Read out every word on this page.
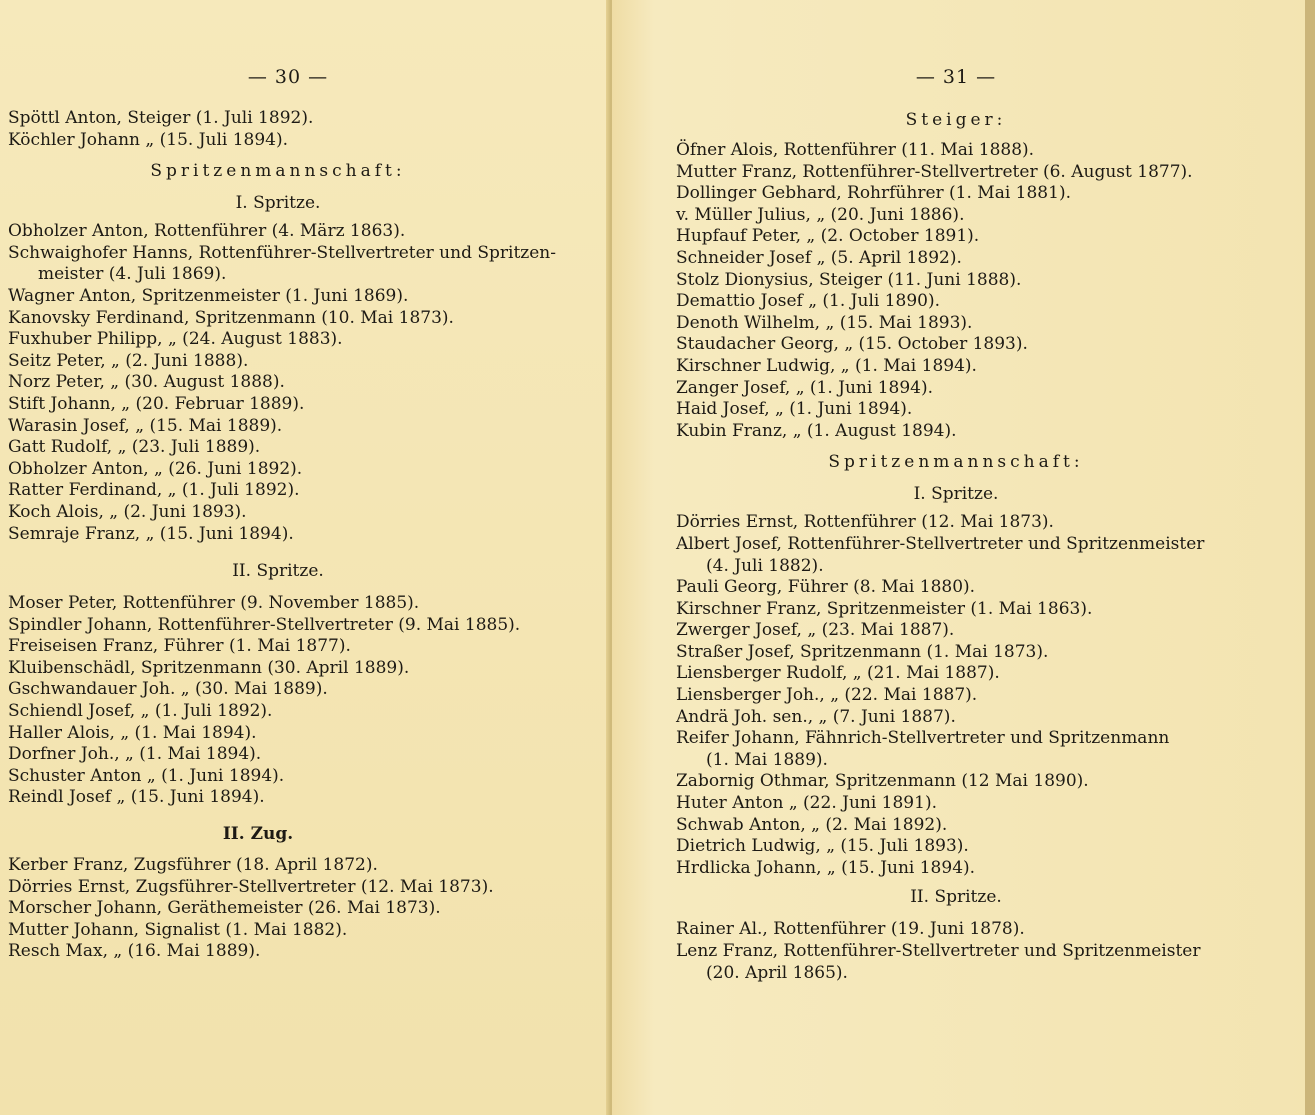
— 30 —
Spöttl Anton, Steiger (1. Juli 1892).
Köchler Johann „ (15. Juli 1894).
Spritzenmannschaft:
I. Spritze.
Obholzer Anton, Rottenführer (4. März 1863).
Schwaighofer Hanns, Rottenführer-Stellvertreter und Spritzen-
meister (4. Juli 1869).
Wagner Anton, Spritzenmeister (1. Juni 1869).
Kanovsky Ferdinand, Spritzenmann (10. Mai 1873).
Fuxhuber Philipp, „ (24. August 1883).
Seitz Peter, „ (2. Juni 1888).
Norz Peter, „ (30. August 1888).
Stift Johann, „ (20. Februar 1889).
Warasin Josef, „ (15. Mai 1889).
Gatt Rudolf, „ (23. Juli 1889).
Obholzer Anton, „ (26. Juni 1892).
Ratter Ferdinand, „ (1. Juli 1892).
Koch Alois, „ (2. Juni 1893).
Semraje Franz, „ (15. Juni 1894).
II. Spritze.
Moser Peter, Rottenführer (9. November 1885).
Spindler Johann, Rottenführer-Stellvertreter (9. Mai 1885).
Freiseisen Franz, Führer (1. Mai 1877).
Kluibenschädl, Spritzenmann (30. April 1889).
Gschwandauer Joh. „ (30. Mai 1889).
Schiendl Josef, „ (1. Juli 1892).
Haller Alois, „ (1. Mai 1894).
Dorfner Joh., „ (1. Mai 1894).
Schuster Anton „ (1. Juni 1894).
Reindl Josef „ (15. Juni 1894).
II. Zug.
Kerber Franz, Zugsführer (18. April 1872).
Dörries Ernst, Zugsführer-Stellvertreter (12. Mai 1873).
Morscher Johann, Geräthemeister (26. Mai 1873).
Mutter Johann, Signalist (1. Mai 1882).
Resch Max, „ (16. Mai 1889).
— 31 —
Steiger:
Öfner Alois, Rottenführer (11. Mai 1888).
Mutter Franz, Rottenführer-Stellvertreter (6. August 1877).
Dollinger Gebhard, Rohrführer (1. Mai 1881).
v. Müller Julius, „ (20. Juni 1886).
Hupfauf Peter, „ (2. October 1891).
Schneider Josef „ (5. April 1892).
Stolz Dionysius, Steiger (11. Juni 1888).
Demattio Josef „ (1. Juli 1890).
Denoth Wilhelm, „ (15. Mai 1893).
Staudacher Georg, „ (15. October 1893).
Kirschner Ludwig, „ (1. Mai 1894).
Zanger Josef, „ (1. Juni 1894).
Haid Josef, „ (1. Juni 1894).
Kubin Franz, „ (1. August 1894).
Spritzenmannschaft:
I. Spritze.
Dörries Ernst, Rottenführer (12. Mai 1873).
Albert Josef, Rottenführer-Stellvertreter und Spritzenmeister
(4. Juli 1882).
Pauli Georg, Führer (8. Mai 1880).
Kirschner Franz, Spritzenmeister (1. Mai 1863).
Zwerger Josef, „ (23. Mai 1887).
Straßer Josef, Spritzenmann (1. Mai 1873).
Liensberger Rudolf, „ (21. Mai 1887).
Liensberger Joh., „ (22. Mai 1887).
Andrä Joh. sen., „ (7. Juni 1887).
Reifer Johann, Fähnrich-Stellvertreter und Spritzenmann
(1. Mai 1889).
Zabornig Othmar, Spritzenmann (12 Mai 1890).
Huter Anton „ (22. Juni 1891).
Schwab Anton, „ (2. Mai 1892).
Dietrich Ludwig, „ (15. Juli 1893).
Hrdlicka Johann, „ (15. Juni 1894).
II. Spritze.
Rainer Al., Rottenführer (19. Juni 1878).
Lenz Franz, Rottenführer-Stellvertreter und Spritzenmeister
(20. April 1865).
